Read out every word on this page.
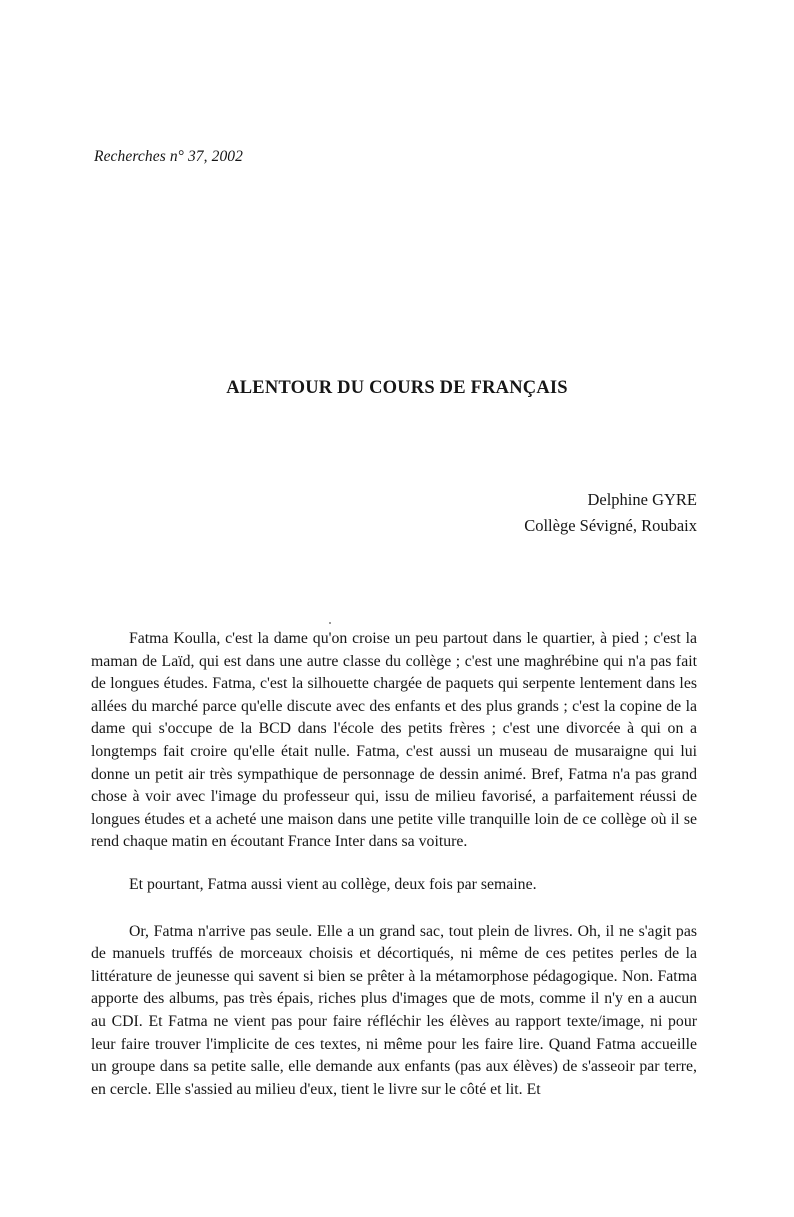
Recherches n° 37, 2002
ALENTOUR DU COURS DE FRANÇAIS
Delphine GYRE
Collège Sévigné, Roubaix

Fatma Koulla, c'est la dame qu'on croise un peu partout dans le quartier, à pied ; c'est la maman de Laïd, qui est dans une autre classe du collège ; c'est une maghrébine qui n'a pas fait de longues études. Fatma, c'est la silhouette chargée de paquets qui serpente lentement dans les allées du marché parce qu'elle discute avec des enfants et des plus grands ; c'est la copine de la dame qui s'occupe de la BCD dans l'école des petits frères ; c'est une divorcée à qui on a longtemps fait croire qu'elle était nulle. Fatma, c'est aussi un museau de musaraigne qui lui donne un petit air très sympathique de personnage de dessin animé. Bref, Fatma n'a pas grand chose à voir avec l'image du professeur qui, issu de milieu favorisé, a parfaitement réussi de longues études et a acheté une maison dans une petite ville tranquille loin de ce collège où il se rend chaque matin en écoutant France Inter dans sa voiture.

Et pourtant, Fatma aussi vient au collège, deux fois par semaine.

Or, Fatma n'arrive pas seule. Elle a un grand sac, tout plein de livres. Oh, il ne s'agit pas de manuels truffés de morceaux choisis et décortiqués, ni même de ces petites perles de la littérature de jeunesse qui savent si bien se prêter à la métamorphose pédagogique. Non. Fatma apporte des albums, pas très épais, riches plus d'images que de mots, comme il n'y en a aucun au CDI. Et Fatma ne vient pas pour faire réfléchir les élèves au rapport texte/image, ni pour leur faire trouver l'implicite de ces textes, ni même pour les faire lire. Quand Fatma accueille un groupe dans sa petite salle, elle demande aux enfants (pas aux élèves) de s'asseoir par terre, en cercle. Elle s'assied au milieu d'eux, tient le livre sur le côté et lit. Et
